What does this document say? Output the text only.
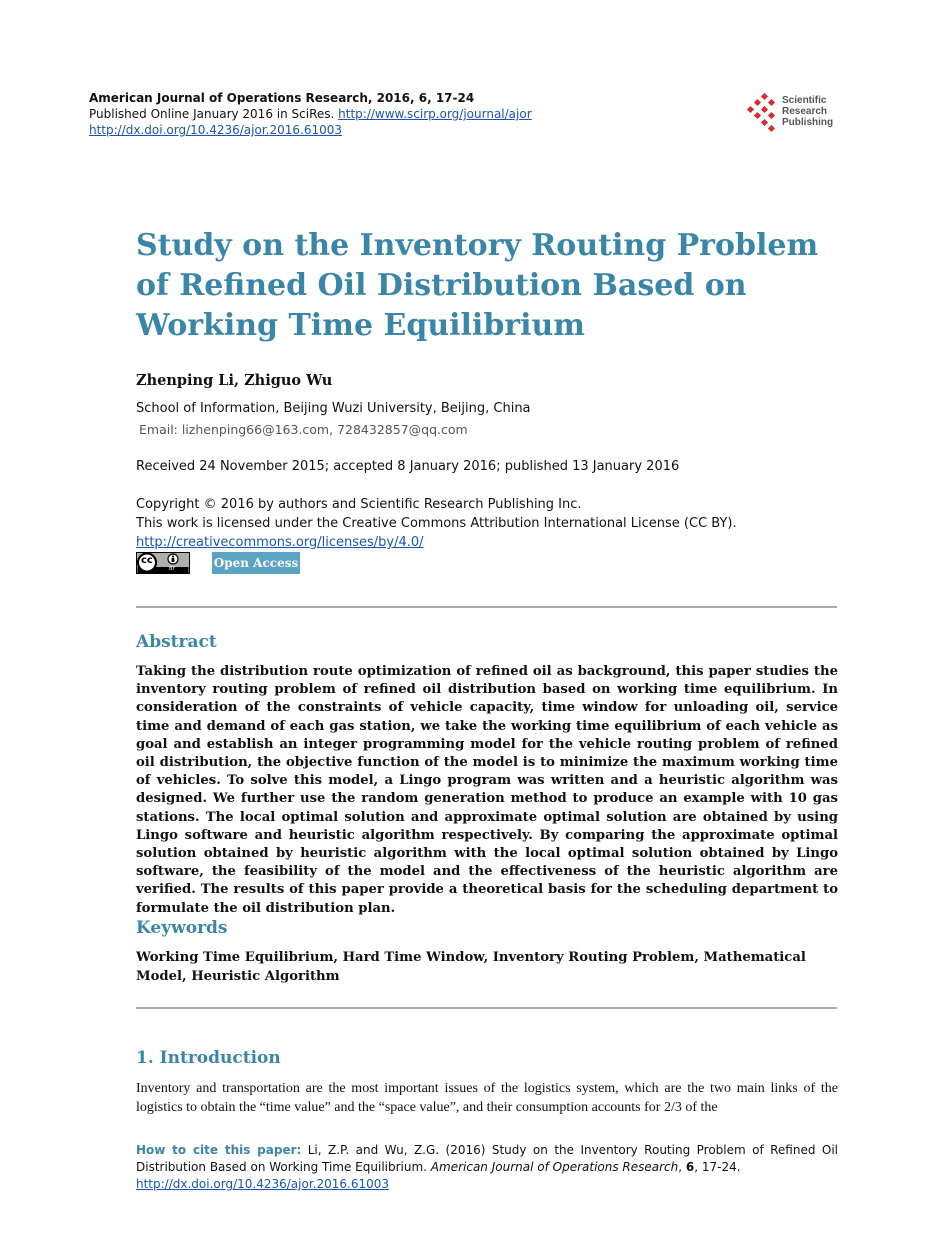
American Journal of Operations Research, 2016, 6, 17-24
Published Online January 2016 in SciRes. http://www.scirp.org/journal/ajor
http://dx.doi.org/10.4236/ajor.2016.61003
Scientific
Research
Publishing
Study on the Inventory Routing Problem of Refined Oil Distribution Based on Working Time Equilibrium
Zhenping Li, Zhiguo Wu
School of Information, Beijing Wuzi University, Beijing, China
Email: lizhenping66@163.com, 728432857@qq.com
Received 24 November 2015; accepted 8 January 2016; published 13 January 2016
Copyright © 2016 by authors and Scientific Research Publishing Inc.
This work is licensed under the Creative Commons Attribution International License (CC BY).
http://creativecommons.org/licenses/by/4.0/
cc
BY	Open Access
Abstract

Taking the distribution route optimization of refined oil as background, this paper studies the inventory routing problem of refined oil distribution based on working time equilibrium. In consideration of the constraints of vehicle capacity, time window for unloading oil, service time and demand of each gas station, we take the working time equilibrium of each vehicle as goal and establish an integer programming model for the vehicle routing problem of refined oil distribution, the objective function of the model is to minimize the maximum working time of vehicles. To solve this model, a Lingo program was written and a heuristic algorithm was designed. We further use the random generation method to produce an example with 10 gas stations. The local optimal solution and approximate optimal solution are obtained by using Lingo software and heuristic algorithm respectively. By comparing the approximate optimal solution obtained by heuristic algorithm with the local optimal solution obtained by Lingo software, the feasibility of the model and the effectiveness of the heuristic algorithm are verified. The results of this paper provide a theoretical basis for the scheduling department to formulate the oil distribution plan.

Keywords

Working Time Equilibrium, Hard Time Window, Inventory Routing Problem, Mathematical Model, Heuristic Algorithm

1. Introduction

Inventory and transportation are the most important issues of the logistics system, which are the two main links of the logistics to obtain the “time value” and the “space value”, and their consumption accounts for 2/3 of the

How to cite this paper: Li, Z.P. and Wu, Z.G. (2016) Study on the Inventory Routing Problem of Refined Oil Distribution Based on Working Time Equilibrium. American Journal of Operations Research, 6, 17-24.
http://dx.doi.org/10.4236/ajor.2016.61003
